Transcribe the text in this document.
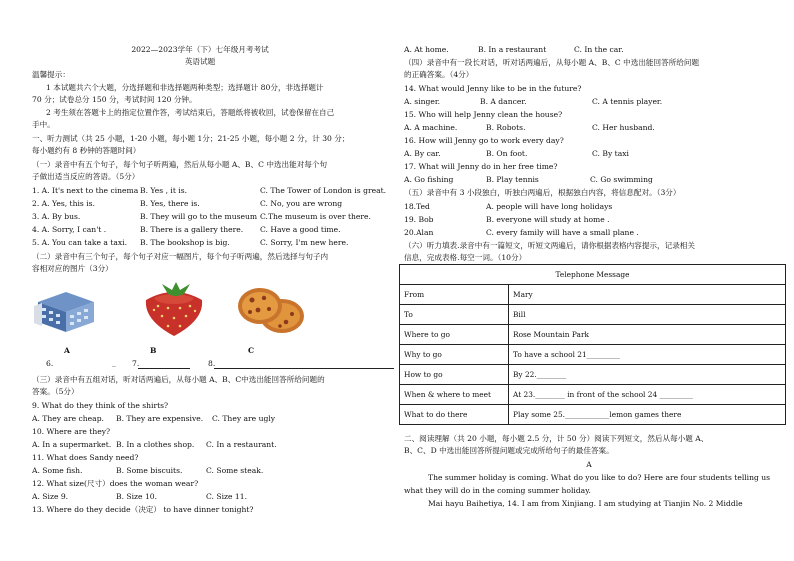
2022—2023学年（下）七年级月考考试
英语试题
温馨提示：
1 本试题共六个大题，分选择题和非选择题两种类型；选择题计 80分，非选择题计
70 分；试卷总分 150 分，考试时间 120 分钟。
2 考生须在答题卡上的指定位置作答，考试结束后，答题纸将被收回，试卷保留在自己
手中。
一、听力测试（共 25 小题，1-20 小题，每小题 1分；21-25 小题，每小题 2 分，计 30 分；
每小题约有 8 秒钟的答题时间）
（一）录音中有五个句子，每个句子听两遍，然后从每小题 A、B、C 中选出能对每个句
子做出适当反应的答语。（5分）
1. A. It's next to the cinema B. Yes , it is.	C. The Tower of London is great.
2. A. Yes, this is.	B. Yes, there is.	C. No, you are wrong
3. A. By bus.	B. They will go to the museum C.The museum is over there.
4. A. Sorry, I can't .	B. There is a gallery there. C. Have a good time.
5. A. You can take a taxi. B. The bookshop is big.	C. Sorry, I'm new here.
（二）录音中有三个句子，每个句子对应一幅图片，每个句子听两遍，然后选择与句子内
容相对应的图片（3分）
A	B	C
6.	_ 7.	8.
（三）录音中有五组对话，听对话两遍后，从每小题 A、B、C中选出能回答所给问题的
答案。（5分）
9. What do they think of the shirts?
A. They are cheap. B. They are expensive. C. They are ugly
10. Where are they?
A. In a supermarket. B. In a clothes shop. C. In a restaurant.
11. What does Sandy need?
A. Some fish.	B. Some biscuits.	C. Some steak.
12. What size(尺寸）does the woman wear?
A. Size 9.	B. Size 10.	C. Size 11.
13. Where do they decide（决定） to have dinner tonight?
A. At home.	B. In a restaurant	C. In the car.
（四）录音中有一段长对话，听对话两遍后，从每小题 A、B、C 中选出能回答所给问题
的正确答案。（4分）
14. What would Jenny like to be in the future?
A. singer.	B. A dancer.	C. A tennis player.
15. Who will help Jenny clean the house?
A. A machine.	B. Robots.	C. Her husband.
16. How will Jenny go to work every day?
A. By car.	B. On foot.	C. By taxi
17. What will Jenny do in her free time?
A. Go fishing	B. Play tennis	C. Go swimming
（五）录音中有 3 小段独白，听独白两遍后，根据独白内容，将信息配对。（3分）
18.Ted	A. people will have long holidays
19. Bob	B. everyone will study at home .
20.Alan	C. every family will have a small plane .
（六）听力填表.录音中有一篇短文，听短文两遍后，请你根据表格内容提示，记录相关
信息，完成表格.每空一词。（10分）
Telephone Message	
From	Mary
To	Bill
Where to go	Rose Mountain Park
Why to go	To have a school 21_________
How to go	By 22.________
When & where to meet	At 23.________ in front of the school 24 _________
What to do there	Play some 25.____________lemon games there
二、阅读理解（共 20 小题，每小题 2.5 分，计 50 分）阅读下列短文，然后从每小题 A、
B、C、D 中选出能回答所提问题或完成所给句子的最佳答案。
A
The summer holiday is coming. What do you like to do? Here are four students telling us
what they will do in the coming summer holiday.
Mai hayu Baihetiya, 14. I am from Xinjiang. I am studying at Tianjin No. 2 Middle
